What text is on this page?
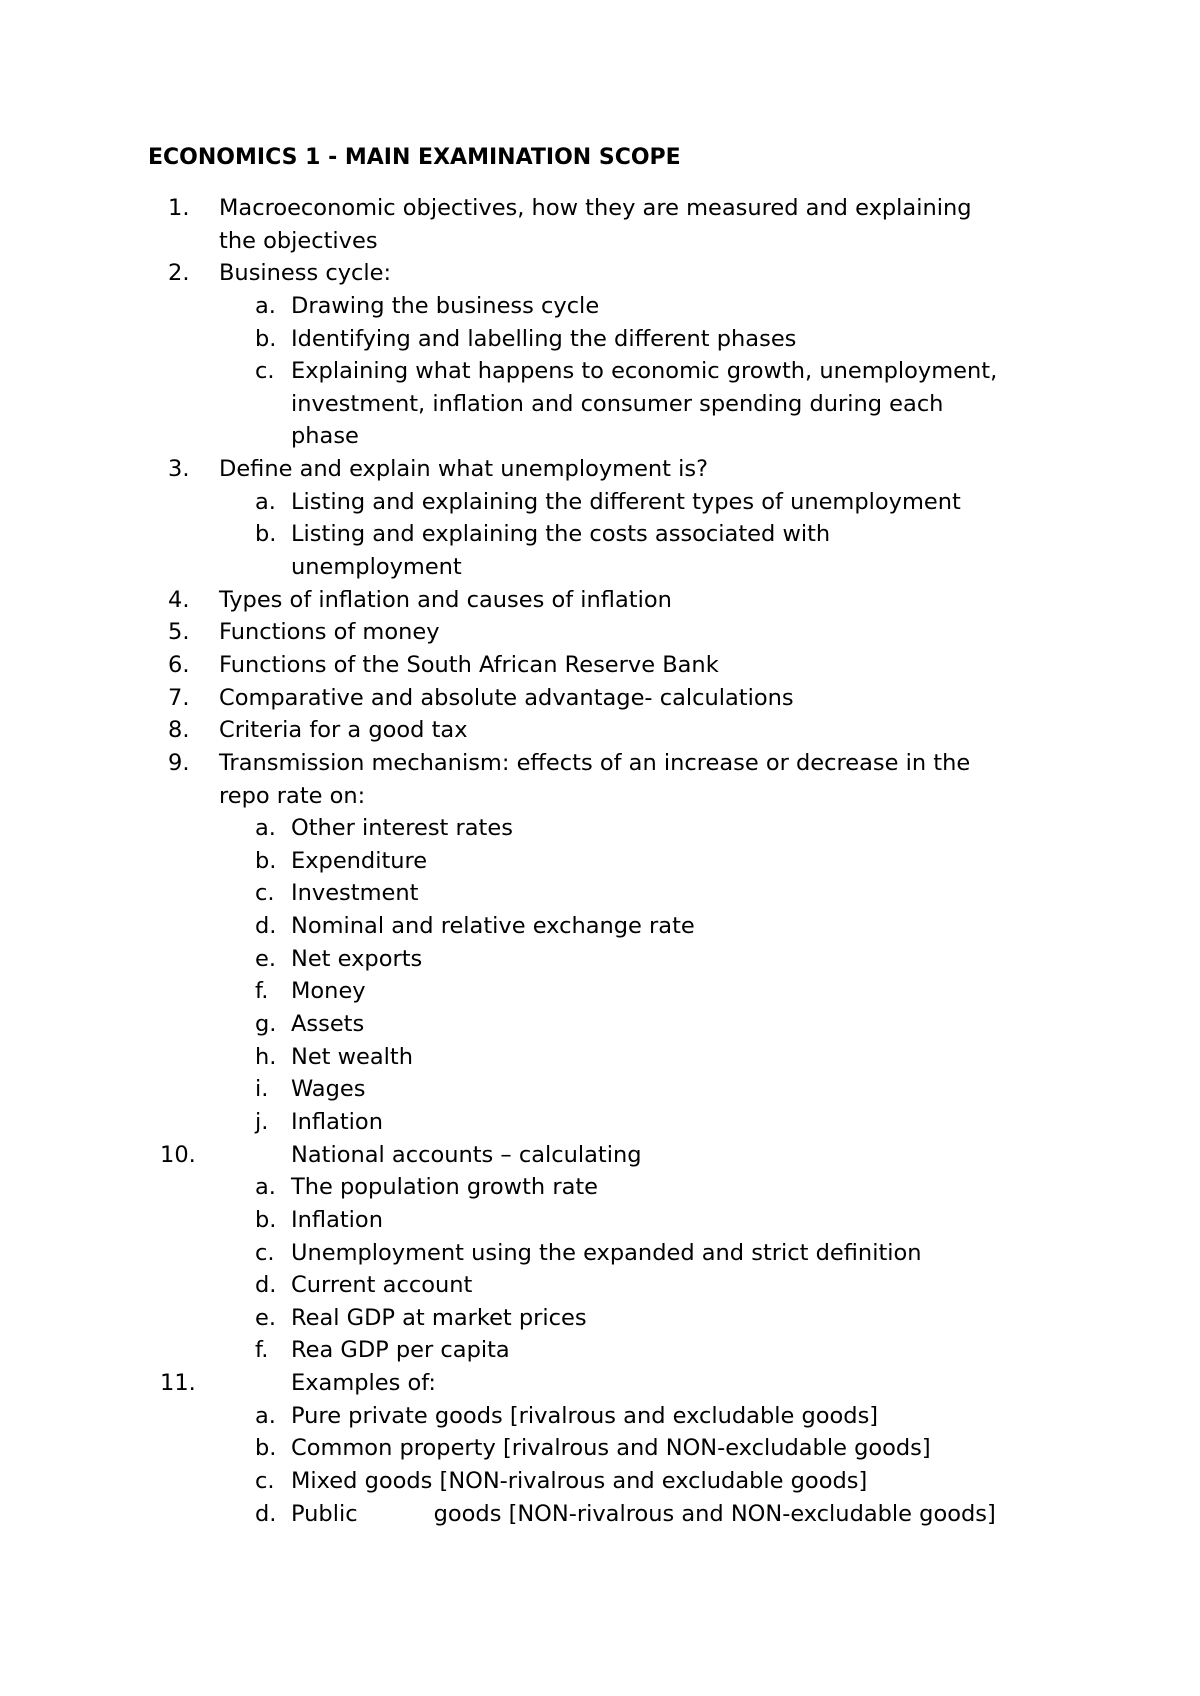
ECONOMICS 1 - MAIN EXAMINATION SCOPE
1.	Macroeconomic objectives, how they are measured and explaining
the objectives
2.	Business cycle:
a. Drawing the business cycle
b. Identifying and labelling the different phases
c. Explaining what happens to economic growth, unemployment,
investment, inflation and consumer spending during each
phase
3.	Define and explain what unemployment is?
a. Listing and explaining the different types of unemployment
b. Listing and explaining the costs associated with
unemployment
4.	Types of inflation and causes of inflation
5.	Functions of money
6.	Functions of the South African Reserve Bank
7.	Comparative and absolute advantage- calculations
8.	Criteria for a good tax
9.	Transmission mechanism: effects of an increase or decrease in the
repo rate on:
a. Other interest rates
b. Expenditure
c. Investment
d. Nominal and relative exchange rate
e. Net exports
f.	Money
g. Assets
h. Net wealth
i.	Wages
j.	Inflation
10.	National accounts – calculating
a. The population growth rate
b. Inflation
c. Unemployment using the expanded and strict definition
d. Current account
e. Real GDP at market prices
f.	Rea GDP per capita
11.	Examples of:
a. Pure private goods [rivalrous and excludable goods]
b. Common property [rivalrous and NON-excludable goods]
c. Mixed goods [NON-rivalrous and excludable goods]
d. Public	goods [NON-rivalrous and NON-excludable goods]
